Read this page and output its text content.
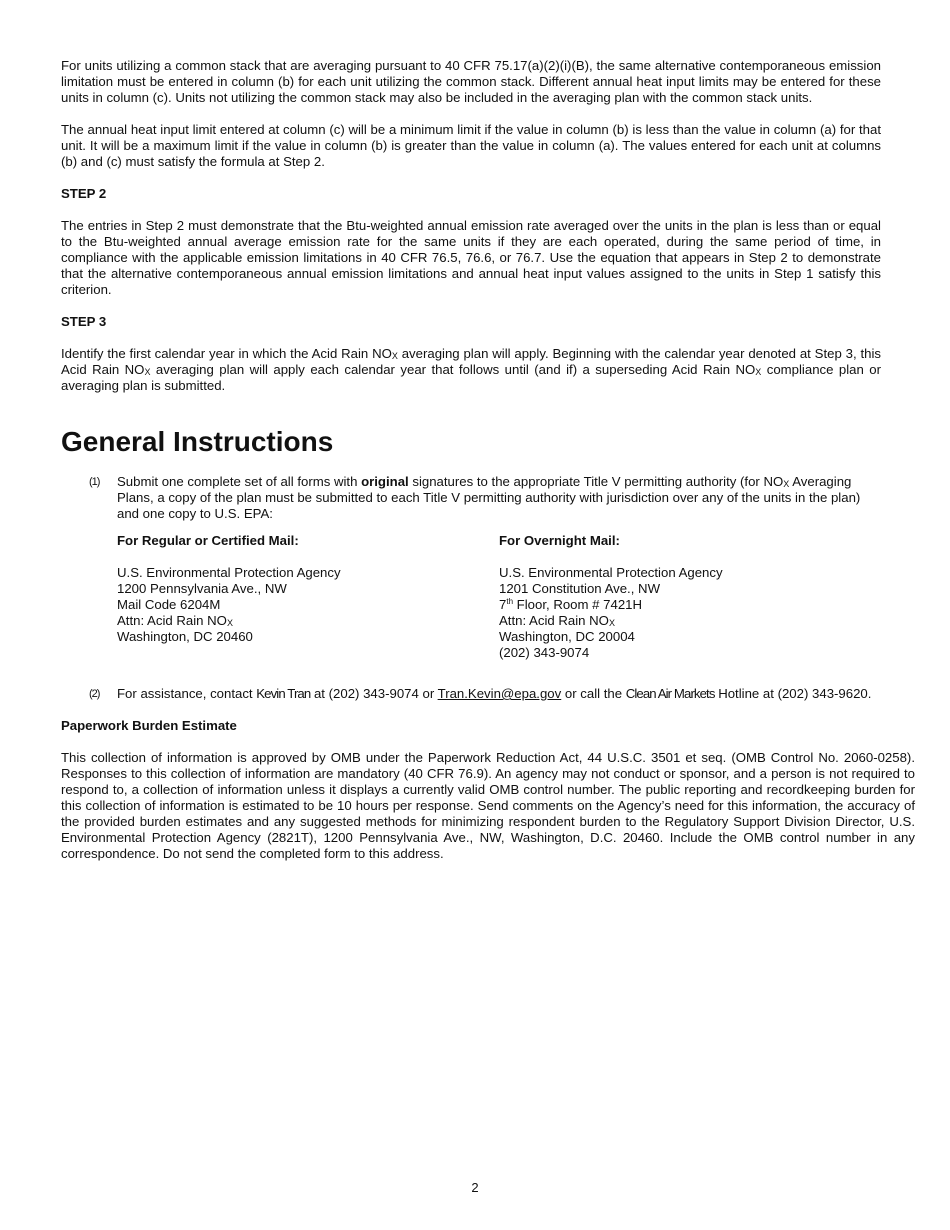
For units utilizing a common stack that are averaging pursuant to 40 CFR 75.17(a)(2)(i)(B), the same alternative contemporaneous emission limitation must be entered in column (b) for each unit utilizing the common stack. Different annual heat input limits may be entered for these units in column (c). Units not utilizing the common stack may also be included in the averaging plan with the common stack units.

The annual heat input limit entered at column (c) will be a minimum limit if the value in column (b) is less than the value in column (a) for that unit. It will be a maximum limit if the value in column (b) is greater than the value in column (a). The values entered for each unit at columns (b) and (c) must satisfy the formula at Step 2.

STEP 2

The entries in Step 2 must demonstrate that the Btu-weighted annual emission rate averaged over the units in the plan is less than or equal to the Btu-weighted annual average emission rate for the same units if they are each operated, during the same period of time, in compliance with the applicable emission limitations in 40 CFR 76.5, 76.6, or 76.7. Use the equation that appears in Step 2 to demonstrate that the alternative contemporaneous annual emission limitations and annual heat input values assigned to the units in Step 1 satisfy this criterion.

STEP 3

Identify the first calendar year in which the Acid Rain $NO_X$ averaging plan will apply. Beginning with the calendar year denoted at Step 3, this Acid Rain $NO_X$ averaging plan will apply each calendar year that follows until (and if) a superseding Acid Rain $NO_X$ compliance plan or averaging plan is submitted.

General Instructions
(1) Submit one complete set of all forms with original signatures to the appropriate Title V permitting authority (for $NO_X$ Averaging Plans, a copy of the plan must be submitted to each Title V permitting authority with jurisdiction over any of the units in the plan) and one copy to U.S. EPA:

For Regular or Certified Mail:

U.S. Environmental Protection Agency

1200 Pennsylvania Ave., NW

Mail Code 6204M

Attn: Acid Rain $NO_X$

Washington, DC 20460

For Overnight Mail:

U.S. Environmental Protection Agency

1201 Constitution Ave., NW

7th Floor, Room # 7421H

Attn: Acid Rain $NO_X$

Washington, DC 20004

(202) 343-9074

(2) For assistance, contact Kevin Tran at (202) 343-9074 or Tran.Kevin@epa.gov or call the Clean Air Markets Hotline at (202) 343-9620.

Paperwork Burden Estimate

This collection of information is approved by OMB under the Paperwork Reduction Act, 44 U.S.C. 3501 et seq. (OMB Control No. 2060-0258). Responses to this collection of information are mandatory (40 CFR 76.9). An agency may not conduct or sponsor, and a person is not required to respond to, a collection of information unless it displays a currently valid OMB control number. The public reporting and recordkeeping burden for this collection of information is estimated to be 10 hours per response. Send comments on the Agency’s need for this information, the accuracy of the provided burden estimates and any suggested methods for minimizing respondent burden to the Regulatory Support Division Director, U.S. Environmental Protection Agency (2821T), 1200 Pennsylvania Ave., NW, Washington, D.C. 20460. Include the OMB control number in any correspondence. Do not send the completed form to this address.

2
